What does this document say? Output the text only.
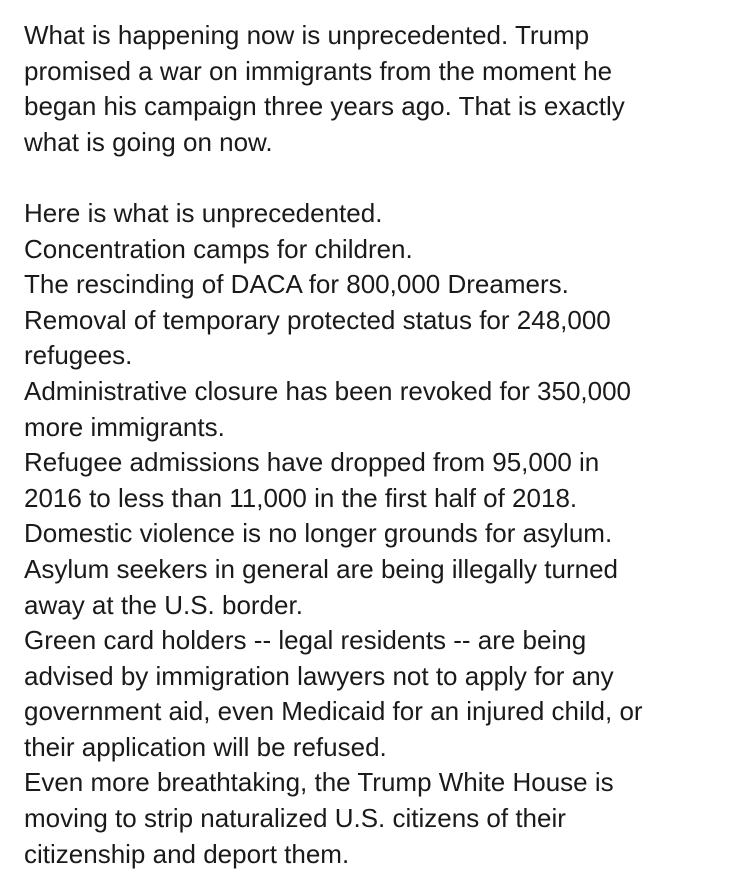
What is happening now is unprecedented. Trump
promised a war on immigrants from the moment he
began his campaign three years ago. That is exactly
what is going on now.

Here is what is unprecedented.
Concentration camps for children.
The rescinding of DACA for 800,000 Dreamers.
Removal of temporary protected status for 248,000
refugees.
Administrative closure has been revoked for 350,000
more immigrants.
Refugee admissions have dropped from 95,000 in
2016 to less than 11,000 in the first half of 2018.
Domestic violence is no longer grounds for asylum.
Asylum seekers in general are being illegally turned
away at the U.S. border.
Green card holders -- legal residents -- are being
advised by immigration lawyers not to apply for any
government aid, even Medicaid for an injured child, or
their application will be refused.
Even more breathtaking, the Trump White House is
moving to strip naturalized U.S. citizens of their
citizenship and deport them.
